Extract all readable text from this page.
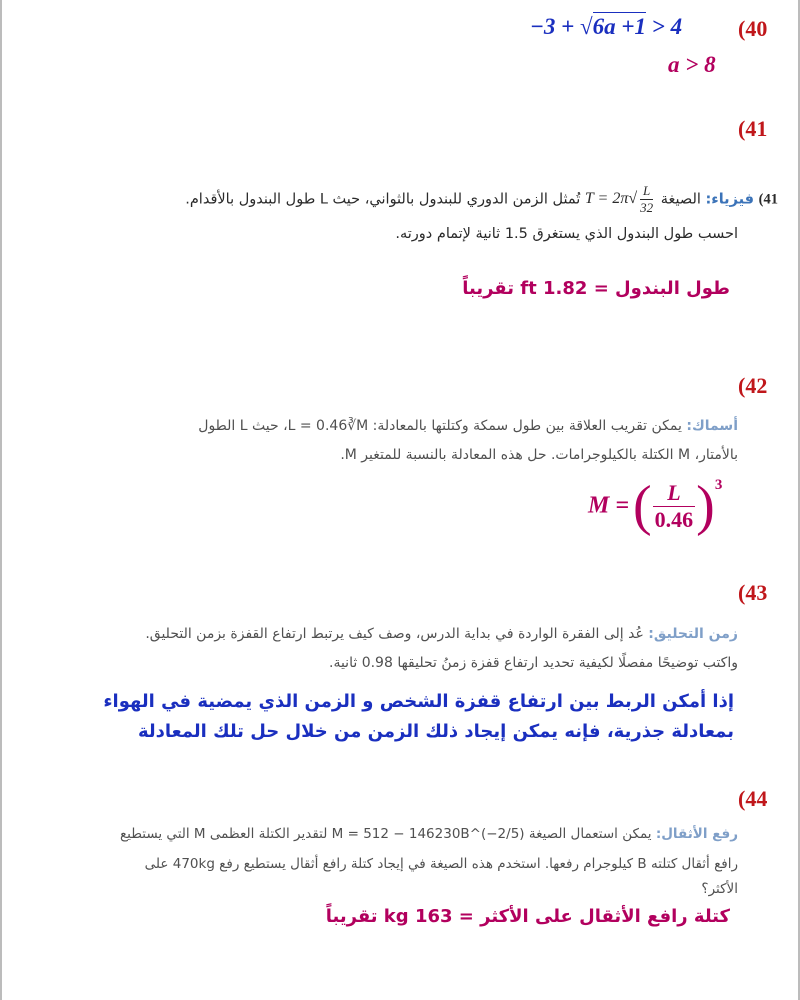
(40
−3 + √6a +1 > 4
a > 8
(41
41) فيزياء: الصيغة $T = 2\pi√ \frac{L}{32}$
تُمثل الزمن الدوري للبندول بالثواني، حيث L طول البندول بالأقدام.
احسب طول البندول الذي يستغرق 1.5 ثانية لإتمام دورته.
طول البندول = 1.82 ft تقريباً
(42
أسماك: يمكن تقريب العلاقة بين طول سمكة وكتلتها بالمعادلة: L = 0.46∛M، حيث L الطول
بالأمتار، M الكتلة بالكيلوجرامات. حل هذه المعادلة بالنسبة للمتغير M.
M = ( $\frac{L}{0.46} )^3$
(43
زمن التحليق: عُد إلى الفقرة الواردة في بداية الدرس، وصف كيف يرتبط ارتفاع القفزة بزمن التحليق.
واكتب توضيحًا مفصلًا لكيفية تحديد ارتفاع قفزة زمنُ تحليقها 0.98 ثانية.
إذا أمكن الربط بين ارتفاع قفزة الشخص و الزمن الذي يمضية في الهواء
بمعادلة جذرية، فإنه يمكن إيجاد ذلك الزمن من خلال حل تلك المعادلة
(44
رفع الأثقال: يمكن استعمال الصيغة M = 512 − 146230B^(−2/5) لتقدير الكتلة العظمى M التي يستطيع
رافع أثقال كتلته B كيلوجرام رفعها. استخدم هذه الصيغة في إيجاد كتلة رافع أثقال يستطيع رفع 470kg على
الأكثر؟
كتلة رافع الأثقال على الأكثر = 163 kg تقريباً
